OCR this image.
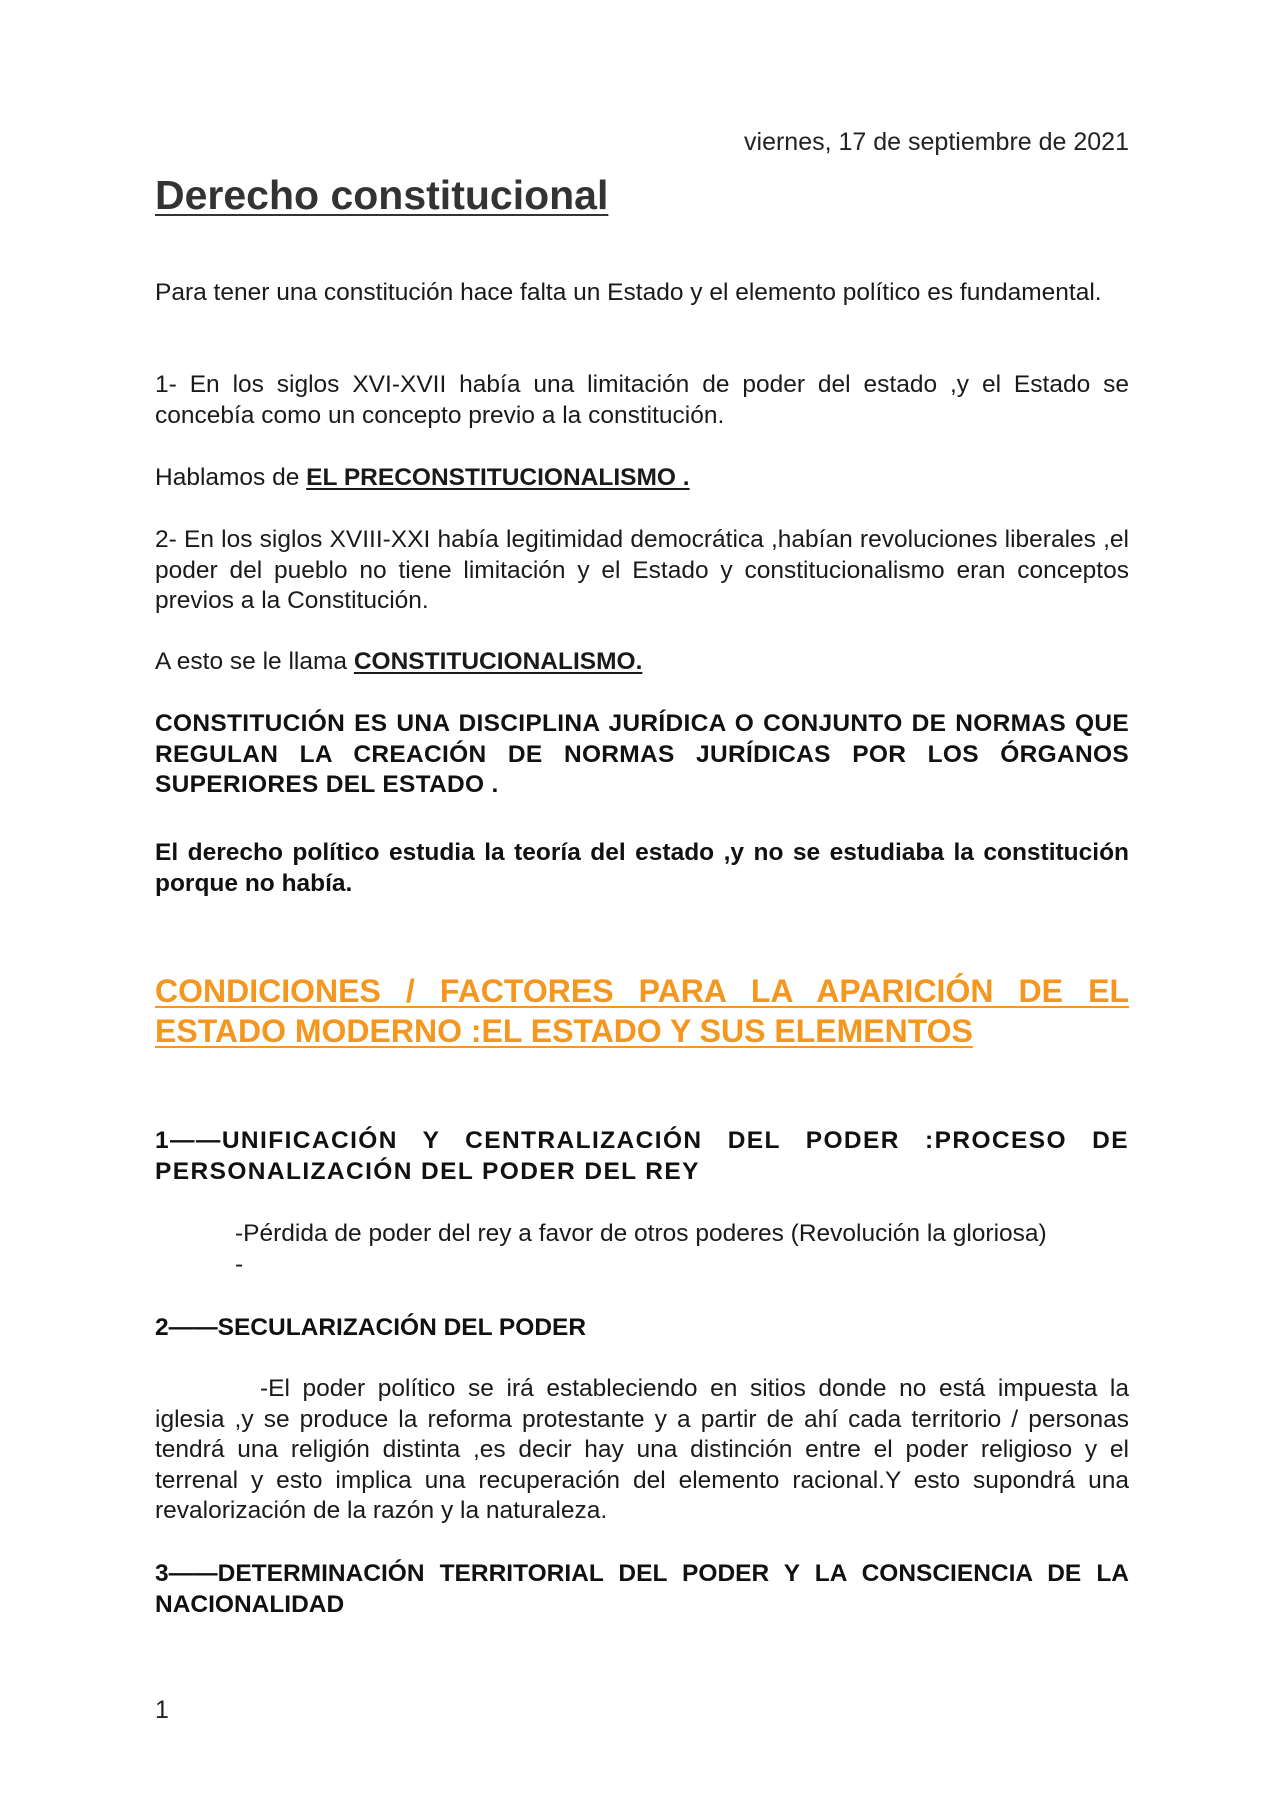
viernes, 17 de septiembre de 2021
Derecho constitucional

Para tener una constitución hace falta un Estado y el elemento político es fundamental.

1- En los siglos XVI-XVII había una limitación de poder del estado ,y el Estado se concebía como un concepto previo a la constitución.

Hablamos de EL PRECONSTITUCIONALISMO .

2- En los siglos XVIII-XXI había legitimidad democrática ,habían revoluciones liberales ,el poder del pueblo no tiene limitación y el Estado y constitucionalismo eran conceptos previos a la Constitución.

A esto se le llama CONSTITUCIONALISMO.

CONSTITUCIÓN ES UNA DISCIPLINA JURÍDICA O CONJUNTO DE NORMAS QUE REGULAN LA CREACIÓN DE NORMAS JURÍDICAS POR LOS ÓRGANOS SUPERIORES DEL ESTADO .

El derecho político estudia la teoría del estado ,y no se estudiaba la constitución porque no había.

CONDICIONES / FACTORES PARA LA APARICIÓN DE EL ESTADO MODERNO :EL ESTADO Y SUS ELEMENTOS
1——UNIFICACIÓN Y CENTRALIZACIÓN DEL PODER :PROCESO DE PERSONALIZACIÓN DEL PODER DEL REY

-Pérdida de poder del rey a favor de otros poderes (Revolución la gloriosa)

-

2——SECULARIZACIÓN DEL PODER

-El poder político se irá estableciendo en sitios donde no está impuesta la iglesia ,y se produce la reforma protestante y a partir de ahí cada territorio / personas tendrá una religión distinta ,es decir hay una distinción entre el poder religioso y el terrenal y esto implica una recuperación del elemento racional.Y esto supondrá una revalorización de la razón y la naturaleza.

3——DETERMINACIÓN TERRITORIAL DEL PODER Y LA CONSCIENCIA DE LA NACIONALIDAD
1
